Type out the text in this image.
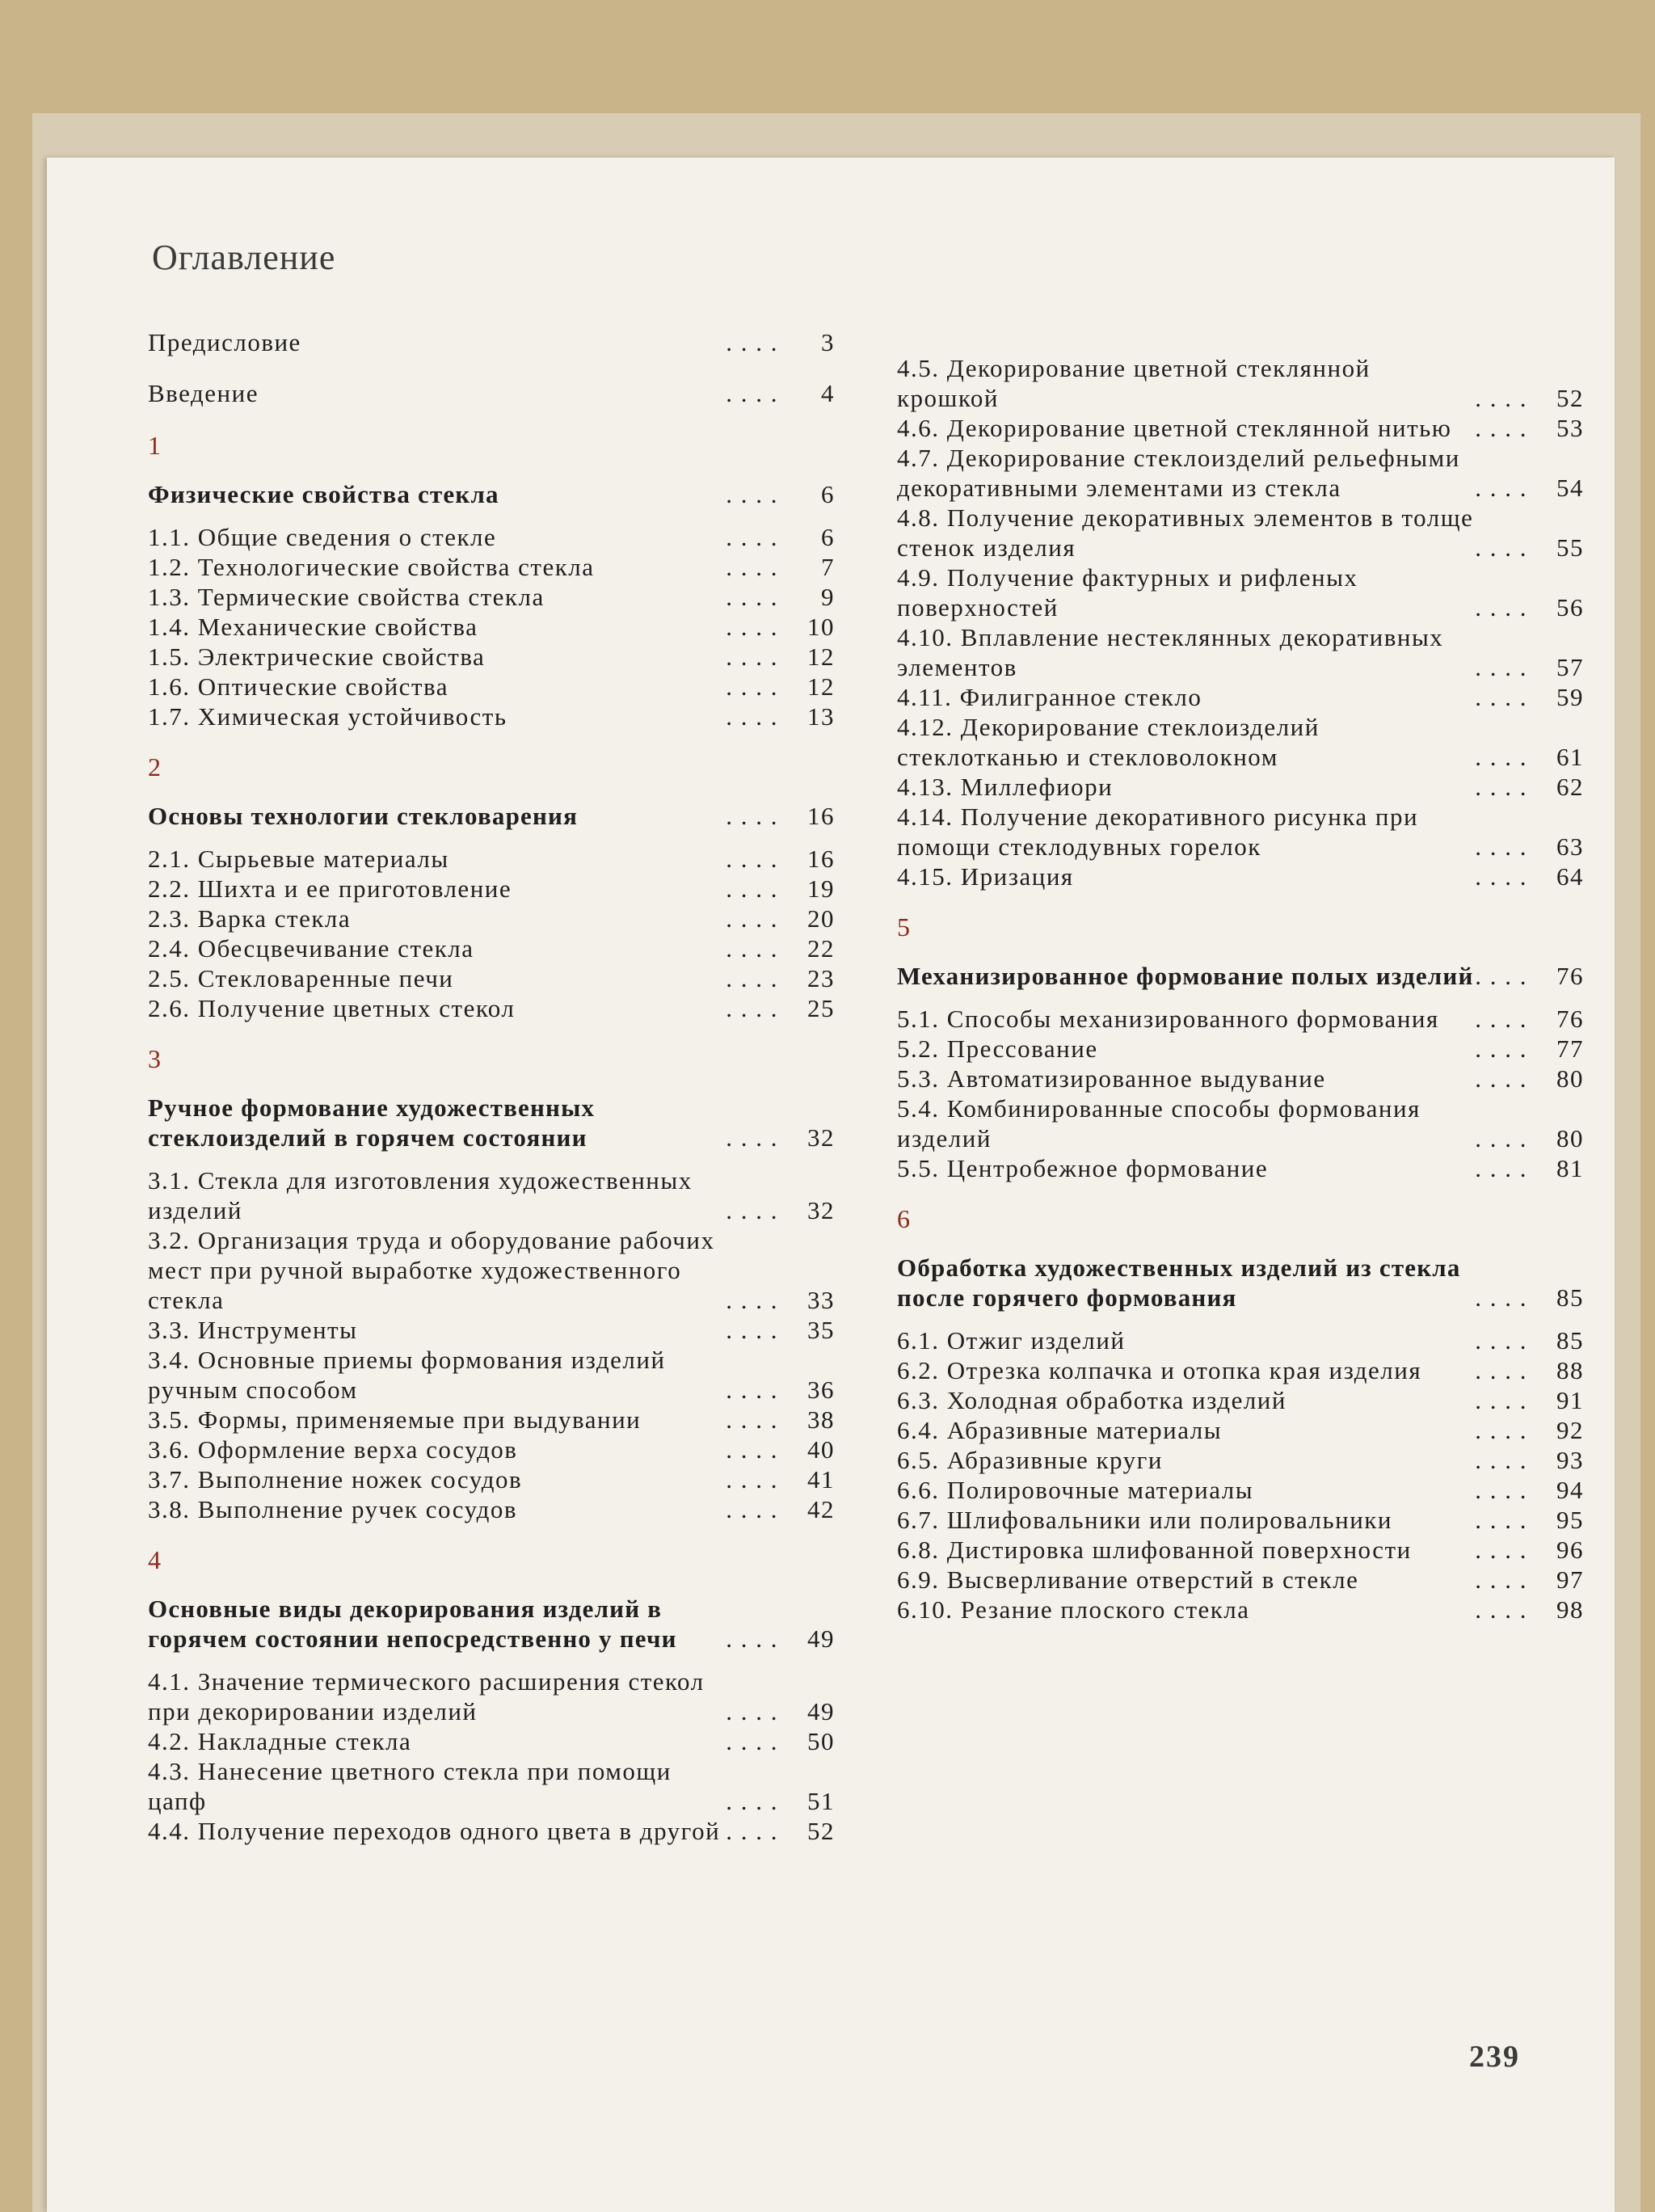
Оглавление
Предисловие	. . . .	3
Введение	. . . .	4
1
Физические свойства стекла	. . . .	6
1.1. Общие сведения о стекле	. . . .	6
1.2. Технологические свойства стекла	. . . .	7
1.3. Термические свойства стекла	. . . .	9
1.4. Механические свойства	. . . .	10
1.5. Электрические свойства	. . . .	12
1.6. Оптические свойства	. . . .	12
1.7. Химическая устойчивость	. . . .	13
2
Основы технологии стекловарения	. . . .	16
2.1. Сырьевые материалы	. . . .	16
2.2. Шихта и ее приготовление	. . . .	19
2.3. Варка стекла	. . . .	20
2.4. Обесцвечивание стекла	. . . .	22
2.5. Стекловаренные печи	. . . .	23
2.6. Получение цветных стекол	. . . .	25
3
Ручное формование художественных стеклоизделий в горячем состоянии	. . . .	32
3.1. Стекла для изготовления художественных изделий	. . . .	32
3.2. Организация труда и оборудование рабочих мест при ручной выработке художественного стекла	. . . .	33
3.3. Инструменты	. . . .	35
3.4. Основные приемы формования изделий ручным способом	. . . .	36
3.5. Формы, применяемые при выдувании	. . . .	38
3.6. Оформление верха сосудов	. . . .	40
3.7. Выполнение ножек сосудов	. . . .	41
3.8. Выполнение ручек сосудов	. . . .	42
4
Основные виды декорирования изделий в горячем состоянии непосредственно у печи	. . . .	49
4.1. Значение термического расширения стекол при декорировании изделий	. . . .	49
4.2. Накладные стекла	. . . .	50
4.3. Нанесение цветного стекла при помощи цапф	. . . .	51
4.4. Получение переходов одного цвета в другой . . . .	52
4.5. Декорирование цветной стеклянной крошкой	. . . .	52
4.6. Декорирование цветной стеклянной нитью . . . .	53
4.7. Декорирование стеклоизделий рельефными декоративными элементами из стекла	. . . .	54
4.8. Получение декоративных элементов в толще стенок изделия	. . . .	55
4.9. Получение фактурных и рифленых поверхностей	. . . .	56
4.10. Вплавление нестеклянных декоративных элементов	. . . .	57
4.11. Филигранное стекло	. . . .	59
4.12. Декорирование стеклоизделий стеклотканью и стекловолокном	. . . .	61
4.13. Миллефиори	. . . .	62
4.14. Получение декоративного рисунка при помощи стеклодувных горелок	. . . .	63
4.15. Иризация	. . . .	64
5
Механизированное формование полых изделий . . . .	76
5.1. Способы механизированного формования	. . . .	76
5.2. Прессование	. . . .	77
5.3. Автоматизированное выдувание	. . . .	80
5.4. Комбинированные способы формования изделий	. . . .	80
5.5. Центробежное формование	. . . .	81
6
Обработка художественных изделий из стекла после горячего формования	. . . .	85
6.1. Отжиг изделий	. . . .	85
6.2. Отрезка колпачка и отопка края изделия	. . . .	88
6.3. Холодная обработка изделий	. . . .	91
6.4. Абразивные материалы	. . . .	92
6.5. Абразивные круги	. . . .	93
6.6. Полировочные материалы	. . . .	94
6.7. Шлифовальники или полировальники	. . . .	95
6.8. Дистировка шлифованной поверхности	. . . .	96
6.9. Высверливание отверстий в стекле	. . . .	97
6.10. Резание плоского стекла	. . . .	98
239
